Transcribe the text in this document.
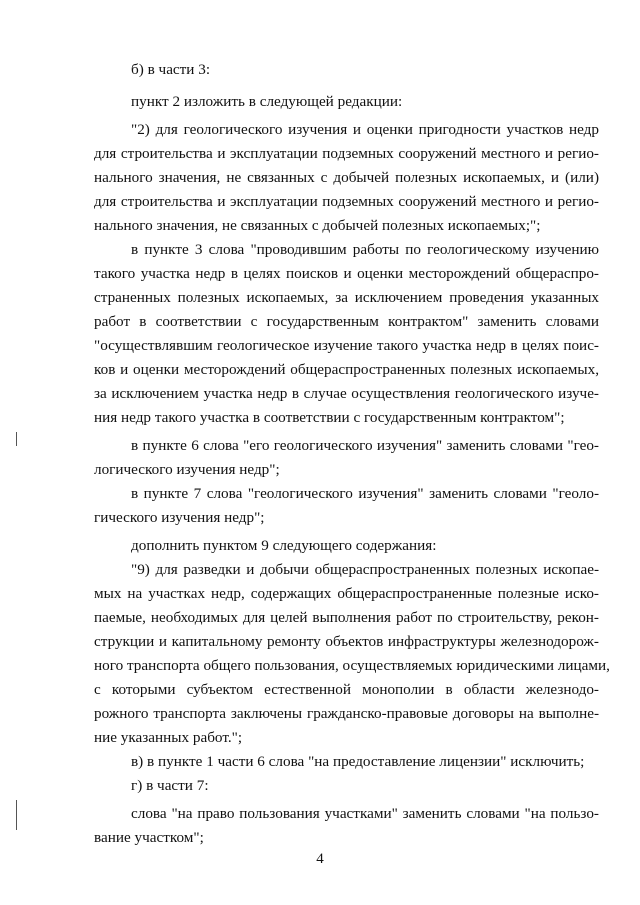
б) в части 3:
пункт 2 изложить в следующей редакции:
"2) для геологического изучения и оценки пригодности участков недр
для строительства и эксплуатации подземных сооружений местного и регио-
нального значения, не связанных с добычей полезных ископаемых, и (или)
для строительства и эксплуатации подземных сооружений местного и регио-
нального значения, не связанных с добычей полезных ископаемых;";
в пункте 3 слова "проводившим работы по геологическому изучению
такого участка недр в целях поисков и оценки месторождений общераспро-
страненных полезных ископаемых, за исключением проведения указанных
работ в соответствии с государственным контрактом" заменить словами
"осуществлявшим геологическое изучение такого участка недр в целях поис-
ков и оценки месторождений общераспространенных полезных ископаемых,
за исключением участка недр в случае осуществления геологического изуче-
ния недр такого участка в соответствии с государственным контрактом";
в пункте 6 слова "его геологического изучения" заменить словами "гео-
логического изучения недр";
в пункте 7 слова "геологического изучения" заменить словами "геоло-
гического изучения недр";
дополнить пунктом 9 следующего содержания:
"9) для разведки и добычи общераспространенных полезных ископае-
мых на участках недр, содержащих общераспространенные полезные иско-
паемые, необходимых для целей выполнения работ по строительству, рекон-
струкции и капитальному ремонту объектов инфраструктуры железнодорож-
ного транспорта общего пользования, осуществляемых юридическими лицами,
с которыми субъектом естественной монополии в области железнодо-
рожного транспорта заключены гражданско-правовые договоры на выполне-
ние указанных работ.";
в) в пункте 1 части 6 слова "на предоставление лицензии" исключить;
г) в части 7:
слова "на право пользования участками" заменить словами "на пользо-
вание участком";
4
